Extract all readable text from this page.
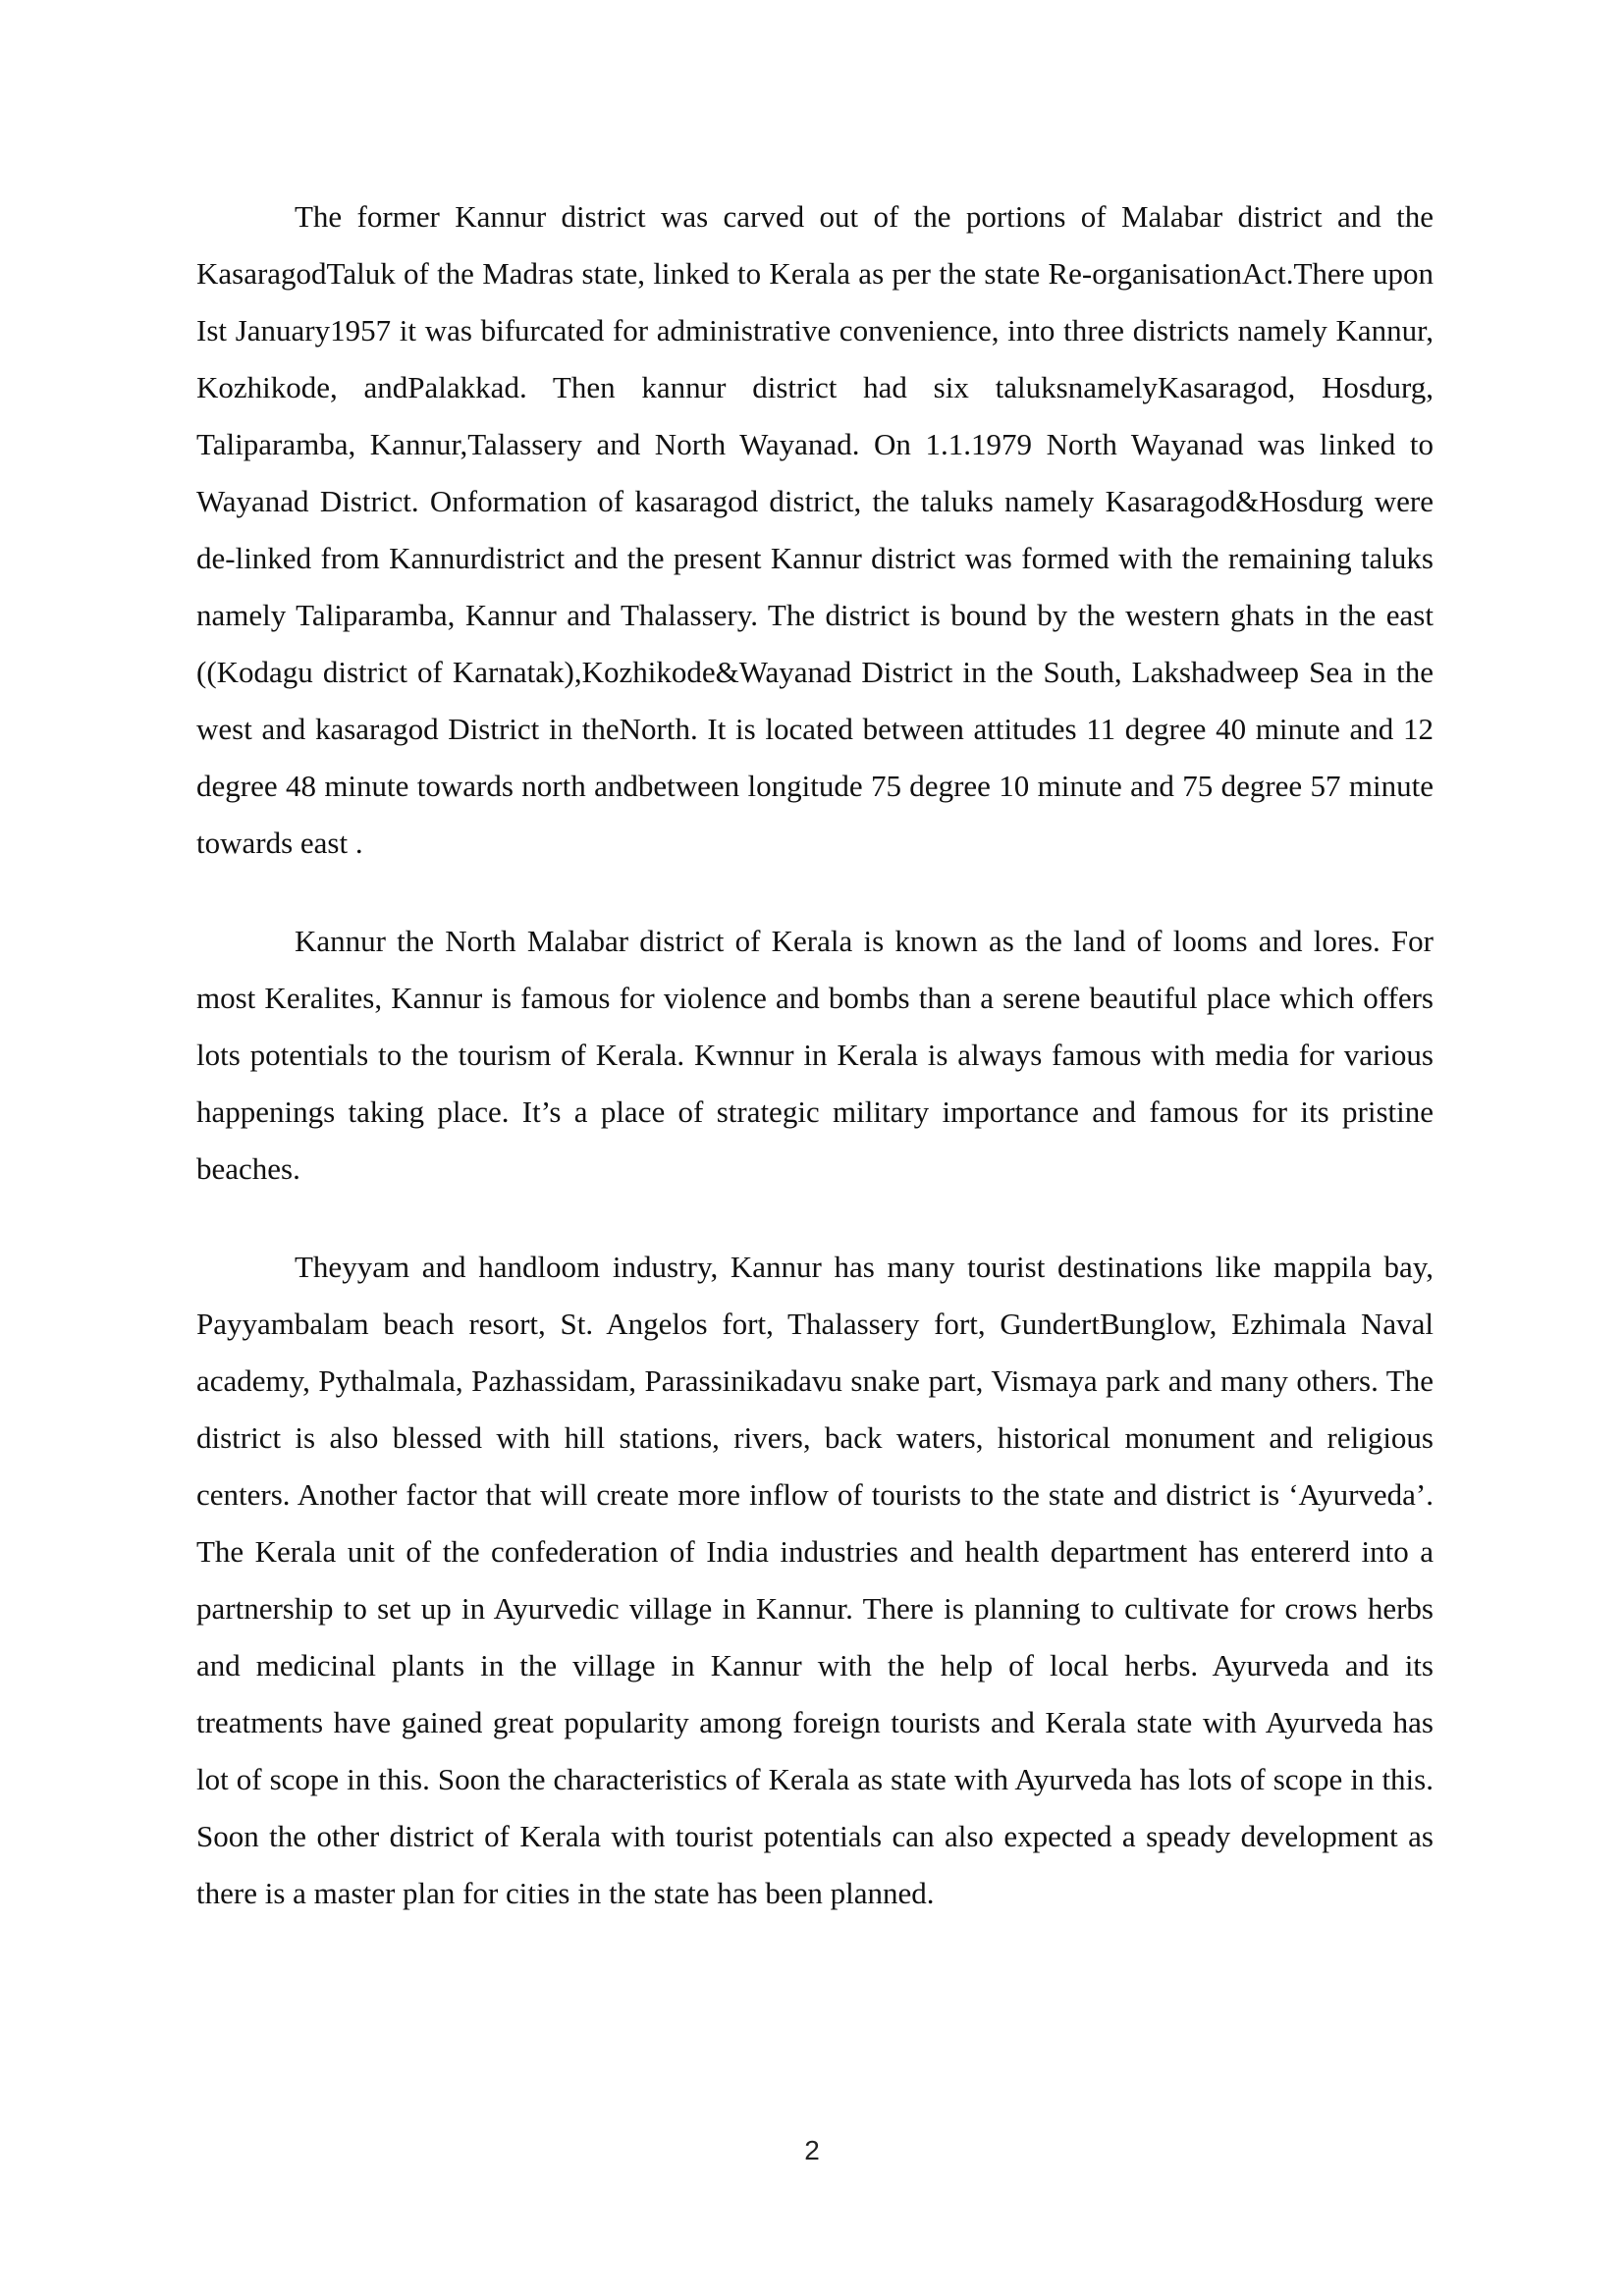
The former Kannur district was carved out of the portions of Malabar district and the KasaragodTaluk of the Madras state, linked to Kerala as per the state Re-organisationAct.There upon Ist January1957 it was bifurcated for administrative convenience, into three districts namely Kannur, Kozhikode, andPalakkad. Then kannur district had six taluksnamelyKasaragod, Hosdurg, Taliparamba, Kannur,Talassery and North Wayanad. On 1.1.1979 North Wayanad was linked to Wayanad District. Onformation of kasaragod district, the taluks namely Kasaragod&Hosdurg were de-linked from Kannurdistrict and the present Kannur district was formed with the remaining taluks namely Taliparamba, Kannur and Thalassery. The district is bound by the western ghats in the east ((Kodagu district of Karnatak),Kozhikode&Wayanad District in the South, Lakshadweep Sea in the west and kasaragod District in theNorth. It is located between attitudes 11 degree 40 minute and 12 degree 48 minute towards north andbetween longitude 75 degree 10 minute and 75 degree 57 minute towards east .

Kannur the North Malabar district of Kerala is known as the land of looms and lores. For most Keralites, Kannur is famous for violence and bombs than a serene beautiful place which offers lots potentials to the tourism of Kerala. Kwnnur in Kerala is always famous with media for various happenings taking place. It’s a place of strategic military importance and famous for its pristine beaches.

Theyyam and handloom industry, Kannur has many tourist destinations like mappila bay, Payyambalam beach resort, St. Angelos fort, Thalassery fort, GundertBunglow, Ezhimala Naval academy, Pythalmala, Pazhassidam, Parassinikadavu snake part, Vismaya park and many others. The district is also blessed with hill stations, rivers, back waters, historical monument and religious centers. Another factor that will create more inflow of tourists to the state and district is ‘Ayurveda’. The Kerala unit of the confederation of India industries and health department has entererd into a partnership to set up in Ayurvedic village in Kannur. There is planning to cultivate for crows herbs and medicinal plants in the village in Kannur with the help of local herbs. Ayurveda and its treatments have gained great popularity among foreign tourists and Kerala state with Ayurveda has lot of scope in this. Soon the characteristics of Kerala as state with Ayurveda has lots of scope in this. Soon the other district of Kerala with tourist potentials can also expected a speady development as there is a master plan for cities in the state has been planned.

2
